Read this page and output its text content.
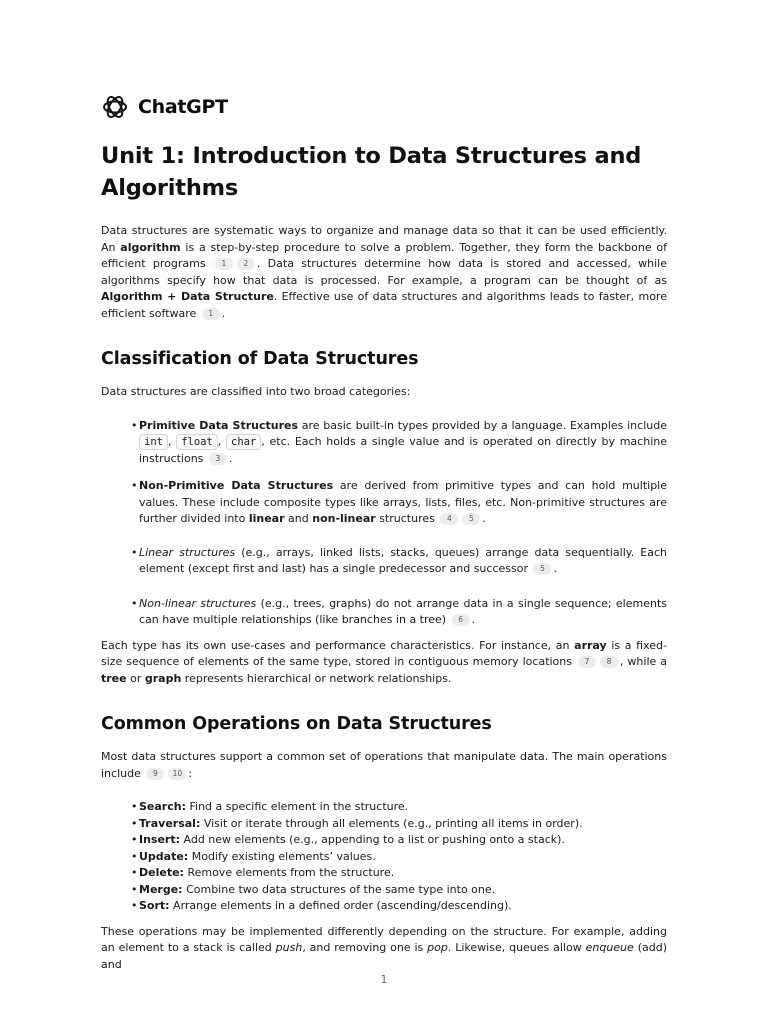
ChatGPT
Unit 1: Introduction to Data Structures and Algorithms

Data structures are systematic ways to organize and manage data so that it can be used efficiently. An algorithm is a step-by-step procedure to solve a problem. Together, they form the backbone of efficient programs 1 2 . Data structures determine how data is stored and accessed, while algorithms specify how that data is processed. For example, a program can be thought of as Algorithm + Data Structure. Effective use of data structures and algorithms leads to faster, more efficient software 1 .

Classification of Data Structures

Data structures are classified into two broad categories:

• Primitive Data Structures are basic built-in types provided by a language. Examples include int , float , char , etc. Each holds a single value and is operated on directly by machine instructions 3 .
• Non-Primitive Data Structures are derived from primitive types and can hold multiple values. These include composite types like arrays, lists, files, etc. Non-primitive structures are further divided into linear and non-linear structures 4 5 .
• Linear structures (e.g., arrays, linked lists, stacks, queues) arrange data sequentially. Each element (except first and last) has a single predecessor and successor 5 .
• Non-linear structures (e.g., trees, graphs) do not arrange data in a single sequence; elements can have multiple relationships (like branches in a tree) 6 .

Each type has its own use-cases and performance characteristics. For instance, an array is a fixed-size sequence of elements of the same type, stored in contiguous memory locations 7 8 , while a tree or graph represents hierarchical or network relationships.

Common Operations on Data Structures

Most data structures support a common set of operations that manipulate data. The main operations include 9 10 :

• Search: Find a specific element in the structure.
• Traversal: Visit or iterate through all elements (e.g., printing all items in order).
• Insert: Add new elements (e.g., appending to a list or pushing onto a stack).
• Update: Modify existing elements’ values.
• Delete: Remove elements from the structure.
• Merge: Combine two data structures of the same type into one.
• Sort: Arrange elements in a defined order (ascending/descending).

These operations may be implemented differently depending on the structure. For example, adding an element to a stack is called push, and removing one is pop. Likewise, queues allow enqueue (add) and

1
